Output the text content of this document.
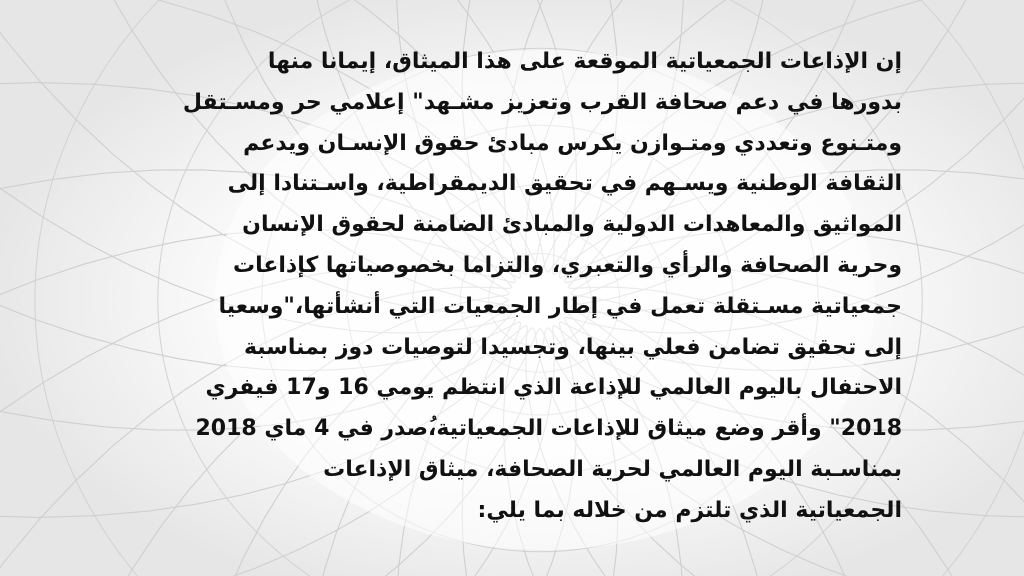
إن الإذاعات الجمعياتية الموقعة على هذا الميثاق، إيمانا منها
بدورها في دعم صحافة القرب وتعزيز مشـهد" إعلامي حر ومسـتقل
ومتـنوع وتعددي ومتـوازن يكرس مبادئ حقوق الإنسـان ويدعم
الثقافة الوطنية ويسـهم في تحقيق الديمقراطية، واسـتنادا إلى
المواثيق والمعاهدات الدولية والمبادئ الضامنة لحقوق الإنسان
وحرية الصحافة والرأي والتعبري، والتزاما بخصوصياتها كإذاعات
جمعياتية مسـتقلة تعمل في إطار الجمعيات التي أنشأتها،"وسعيا
إلى تحقيق تضامن فعلي بينها، وتجسيدا لتوصيات دوز بمناسبة
الاحتفال باليوم العالمي للإذاعة الذي انتظم يومي 16 و17 فيفري
2018" وأقر وضع ميثاق للإذاعات الجمعياتية،ُصدر في 4 ماي 2018
بمناسـبة اليوم العالمي لحرية الصحافة، ميثاق الإذاعات
الجمعياتية الذي تلتزم من خلاله بما يلي:
